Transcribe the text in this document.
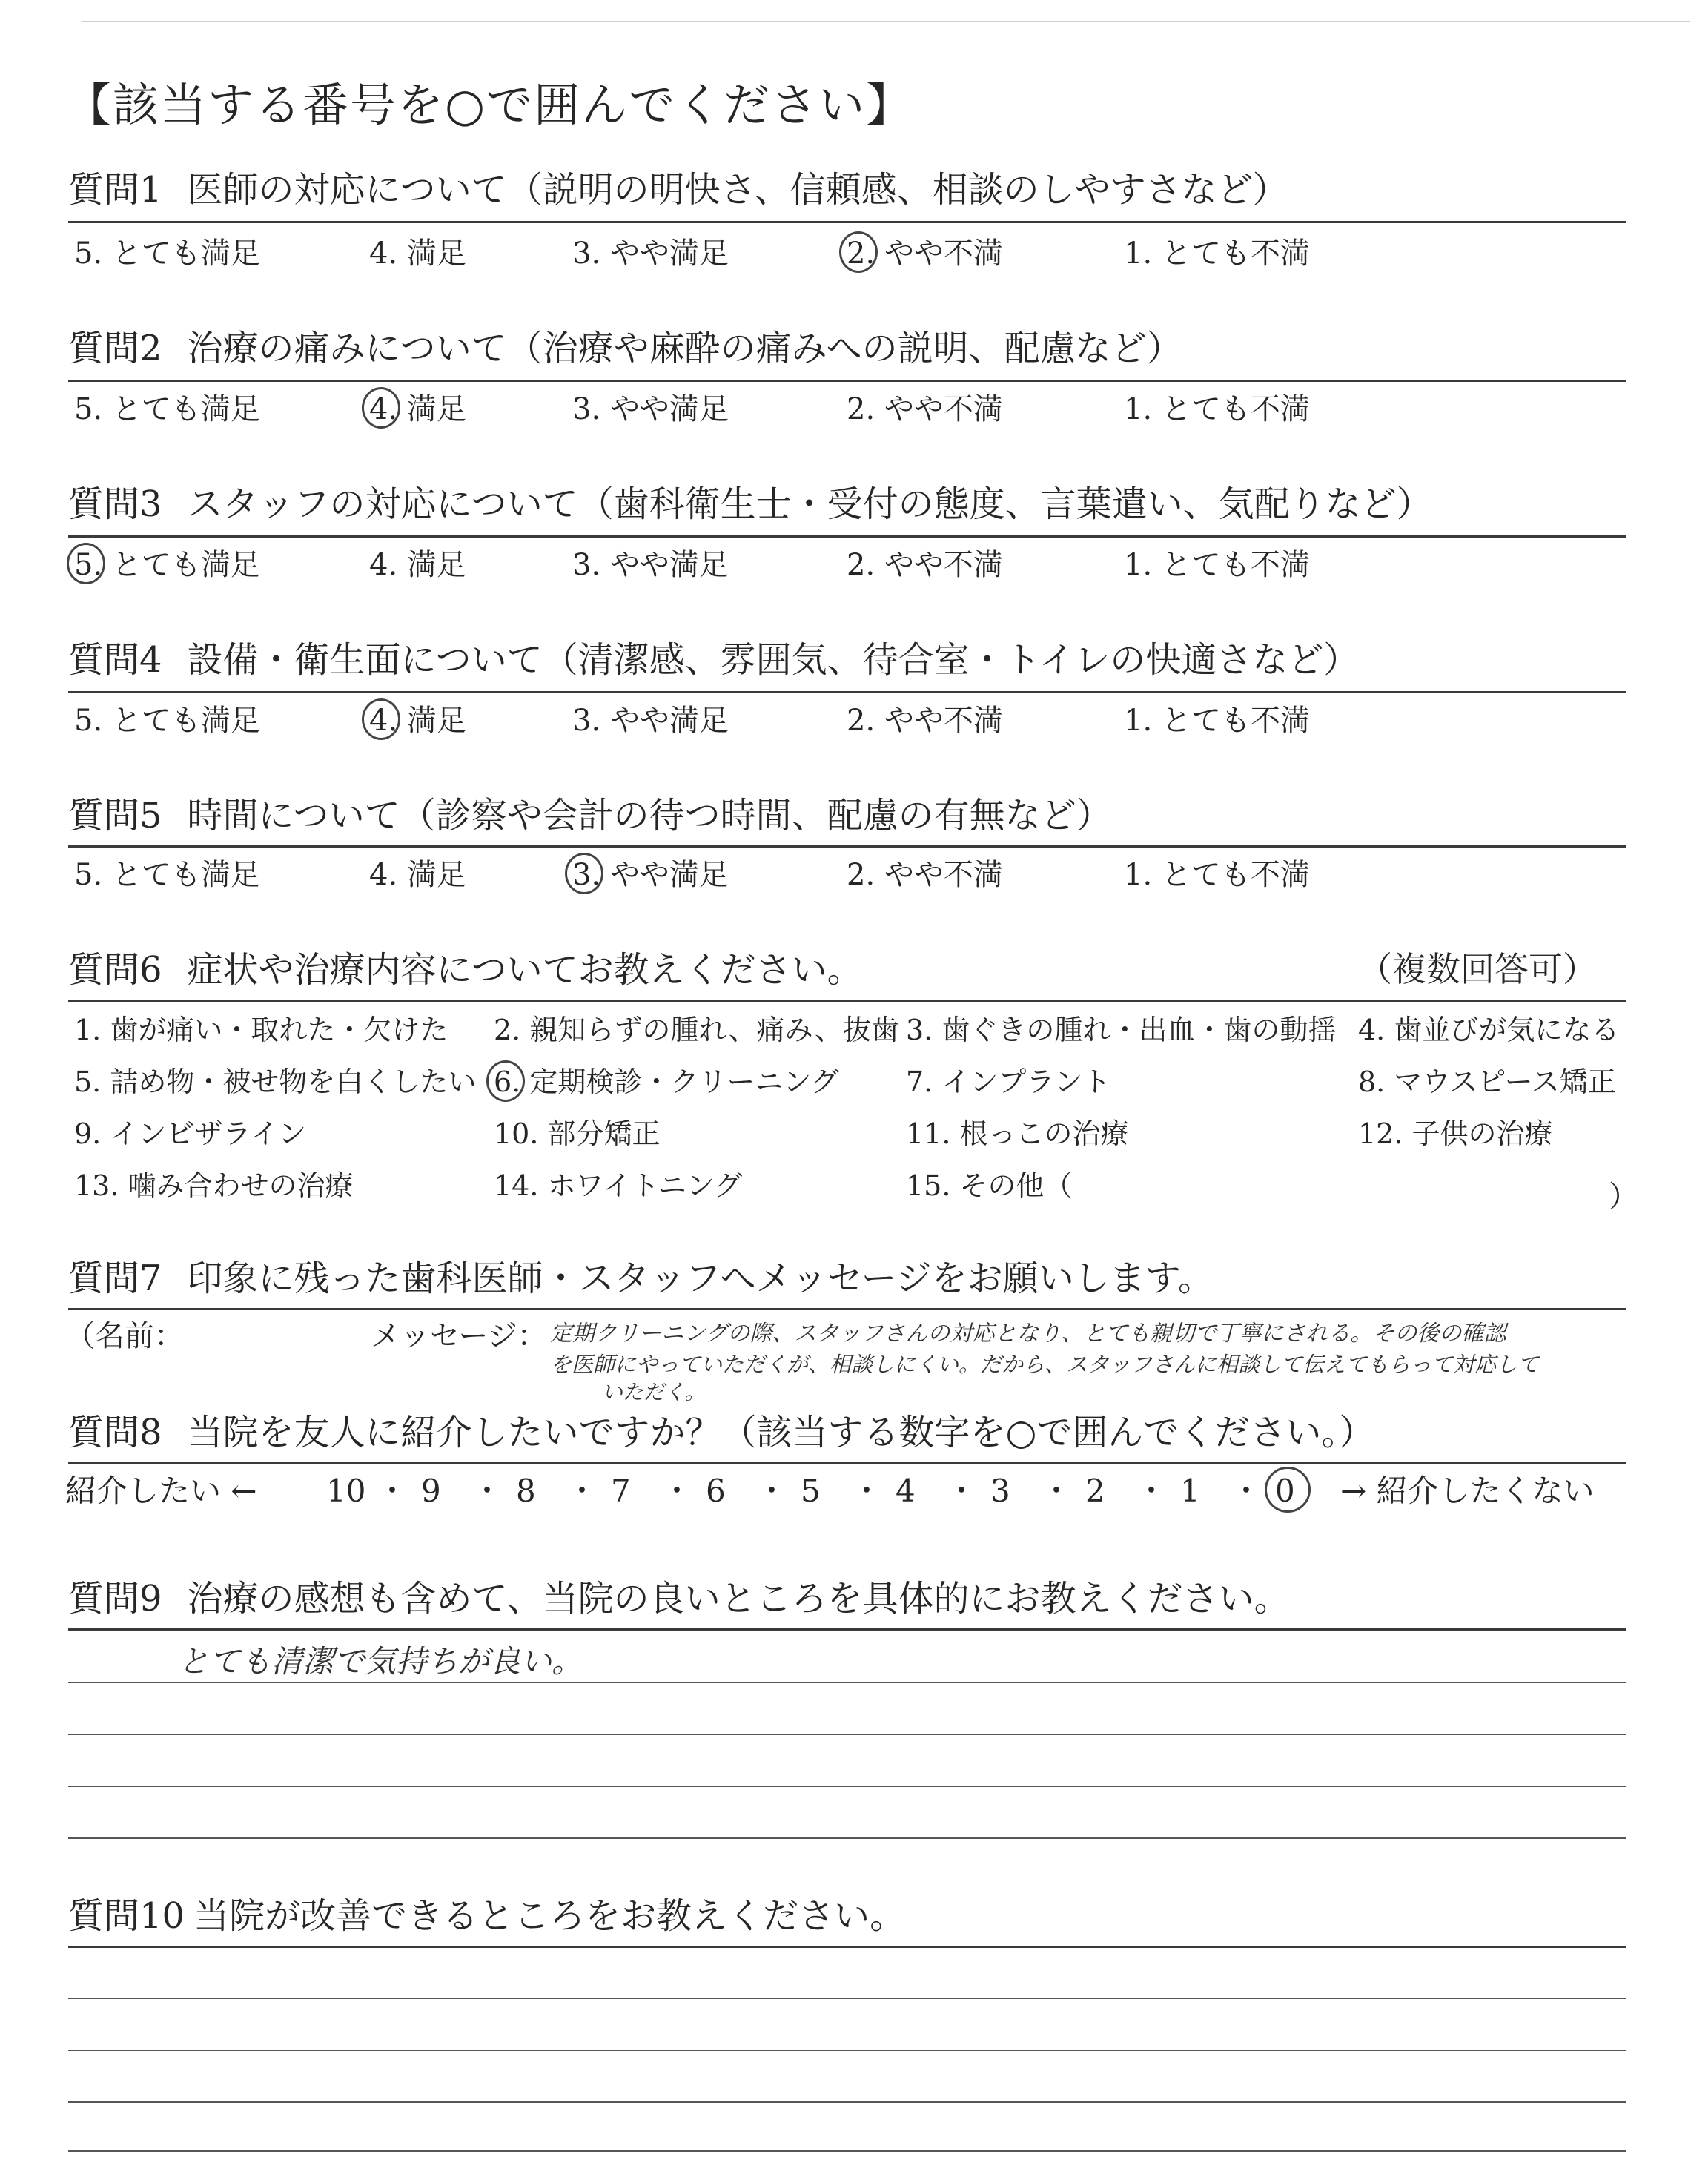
【該当する番号を○で囲んでください】
質問1 医師の対応について（説明の明快さ、信頼感、相談のしやすさなど）
5. とても満足	4. 満足	3. やや満足	2. やや不満	1. とても不満
質問2 治療の痛みについて（治療や麻酔の痛みへの説明、配慮など）
5. とても満足	4. 満足	3. やや満足	2. やや不満	1. とても不満
質問3 スタッフの対応について（歯科衛生士・受付の態度、言葉遣い、気配りなど）
5. とても満足	4. 満足	3. やや満足	2. やや不満	1. とても不満
質問4 設備・衛生面について（清潔感、雰囲気、待合室・トイレの快適さなど）
5. とても満足	4. 満足	3. やや満足	2. やや不満	1. とても不満
質問5 時間について（診察や会計の待つ時間、配慮の有無など）
5. とても満足	4. 満足	3. やや満足	2. やや不満	1. とても不満
質問6 症状や治療内容についてお教えください。	（複数回答可）
1. 歯が痛い・取れた・欠けた 2. 親知らずの腫れ、痛み、抜歯 3. 歯ぐきの腫れ・出血・歯の動揺 4. 歯並びが気になる
5. 詰め物・被せ物を白くしたい 6. 定期検診・クリーニング 7. インプラント	8. マウスピース矯正
9. インビザライン	10. 部分矯正	11. 根っこの治療	12. 子供の治療
13. 噛み合わせの治療	14. ホワイトニング	15. その他（	）
質問7 印象に残った歯科医師・スタッフへメッセージをお願いします。
（名前：	メッセージ： 定期クリーニングの際、スタッフさんの対応となり、とても親切で丁寧にされる。その後の確認
を医師にやっていただくが、相談しにくい。だから、スタッフさんに相談して伝えてもらって対応して
いただく。
質問8 当院を友人に紹介したいですか？（該当する数字を○で囲んでください。）
紹介したい ←	→ 紹介したくない
10 ・ 9 ・ 8 ・ 7 ・ 6 ・ 5 ・ 4 ・ 3 ・ 2 ・ 1 ・ 0
質問9 治療の感想も含めて、当院の良いところを具体的にお教えください。
とても清潔で気持ちが良い。
質問10 当院が改善できるところをお教えください。
